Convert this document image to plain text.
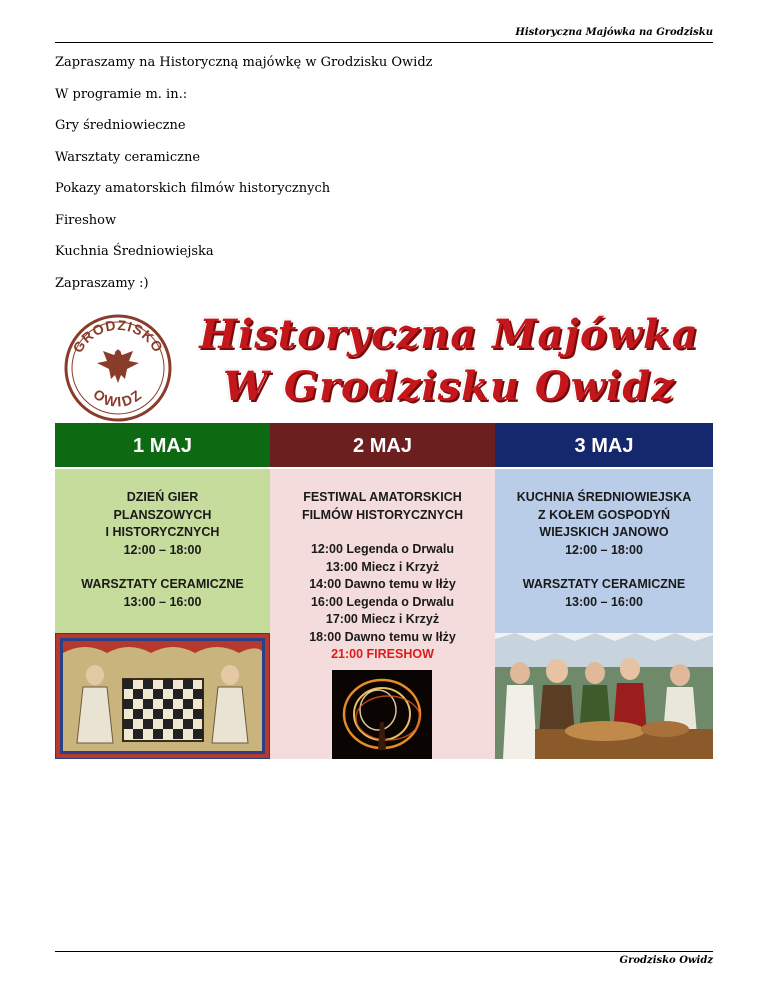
Historyczna Majówka na Grodzisku

Zapraszamy na Historyczną majówkę w Grodzisku Owidz

W programie m. in.:

Gry średniowieczne

Warsztaty ceramiczne

Pokazy amatorskich filmów historycznych

Fireshow

Kuchnia Średniowiejska

Zapraszamy :)

GRODZISKO
OWIDZ
Historyczna Majówka
W Grodzisku Owidz
1 MAJ
DZIEŃ GIER
PLANSZOWYCH
I HISTORYCZNYCH
12:00 – 18:00
WARSZTATY CERAMICZNE
13:00 – 16:00
2 MAJ
FESTIWAL AMATORSKICH
FILMÓW HISTORYCZNYCH
12:00 Legenda o Drwalu
13:00 Miecz i Krzyż
14:00 Dawno temu w Iłży
16:00 Legenda o Drwalu
17:00 Miecz i Krzyż
18:00 Dawno temu w Iłży
21:00 FIRESHOW
3 MAJ
KUCHNIA ŚREDNIOWIEJSKA
Z KOŁEM GOSPODYŃ
WIEJSKICH JANOWO
12:00 – 18:00
WARSZTATY CERAMICZNE
13:00 – 16:00
Grodzisko Owidz
